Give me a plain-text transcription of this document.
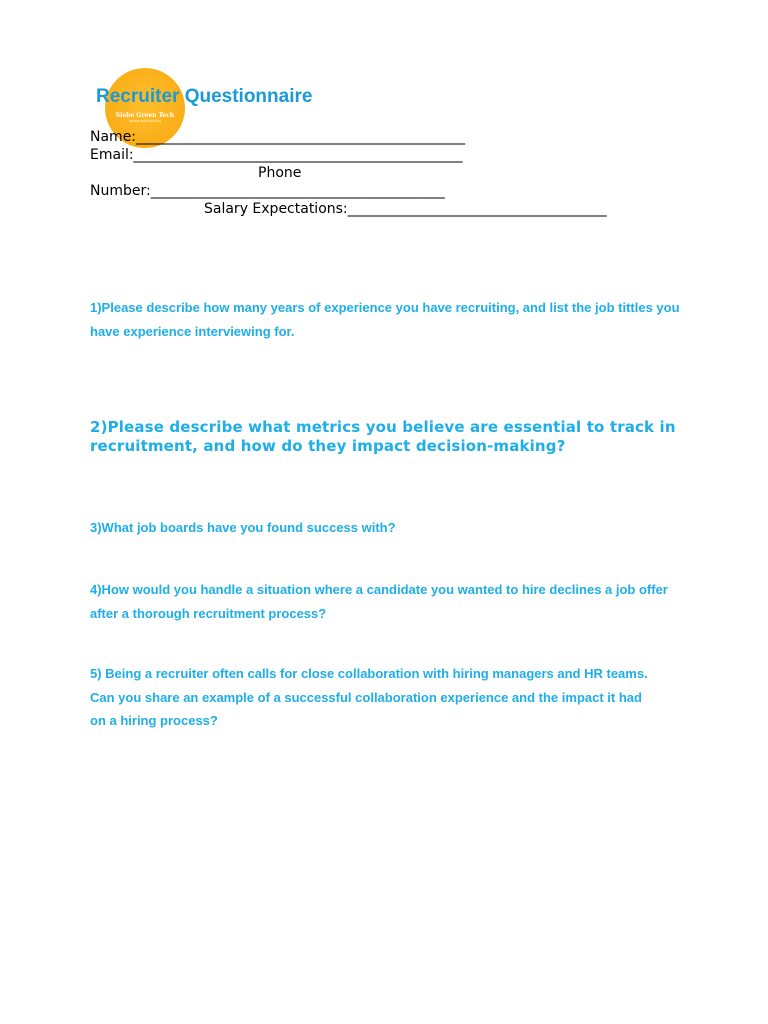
Siebe Green Tech
Strategic Talent Solutions
Recruiter Questionnaire
Name:_______________________________________________
Email:_______________________________________________
Phone
Number:__________________________________________
Salary Expectations:_____________________________________
1)Please describe how many years of experience you have recruiting, and list the job tittles you have experience interviewing for.
2)Please describe what metrics you believe are essential to track in recruitment, and how do they impact decision-making?
3)What job boards have you found success with?
4)How would you handle a situation where a candidate you wanted to hire declines a job offer after a thorough recruitment process?
5) Being a recruiter often calls for close collaboration with hiring managers and HR teams. Can you share an example of a successful collaboration experience and the impact it had on a hiring process?
